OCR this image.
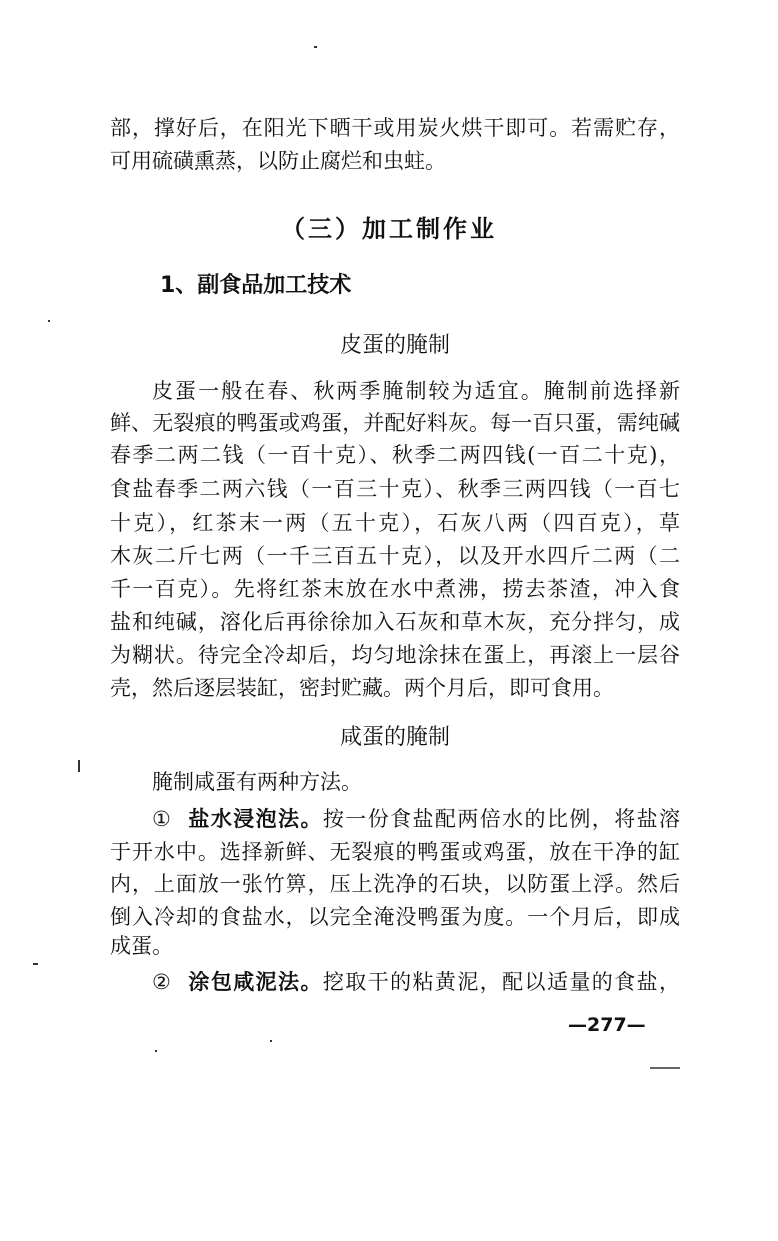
部，撑好后，在阳光下晒干或用炭火烘干即可。若需贮存，
可用硫磺熏蒸，以防止腐烂和虫蛀。
（三）加工制作业
1、副食品加工技术
皮蛋的腌制
皮蛋一般在春、秋两季腌制较为适宜。腌制前选择新
鲜、无裂痕的鸭蛋或鸡蛋，并配好料灰。每一百只蛋，需纯碱
春季二两二钱（一百十克）、秋季二两四钱(一百二十克)，
食盐春季二两六钱（一百三十克）、秋季三两四钱（一百七
十克），红茶末一两（五十克），石灰八两（四百克），草
木灰二斤七两（一千三百五十克），以及开水四斤二两（二
千一百克）。先将红茶末放在水中煮沸，捞去茶渣，冲入食
盐和纯碱，溶化后再徐徐加入石灰和草木灰，充分拌匀，成
为糊状。待完全冷却后，均匀地涂抹在蛋上，再滚上一层谷
壳，然后逐层装缸，密封贮藏。两个月后，即可食用。
咸蛋的腌制
腌制咸蛋有两种方法。
① 盐水浸泡法。按一份食盐配两倍水的比例，将盐溶
于开水中。选择新鲜、无裂痕的鸭蛋或鸡蛋，放在干净的缸
内，上面放一张竹箅，压上洗净的石块，以防蛋上浮。然后
倒入冷却的食盐水，以完全淹没鸭蛋为度。一个月后，即成
成蛋。
② 涂包咸泥法。挖取干的粘黄泥，配以适量的食盐，
—277—
